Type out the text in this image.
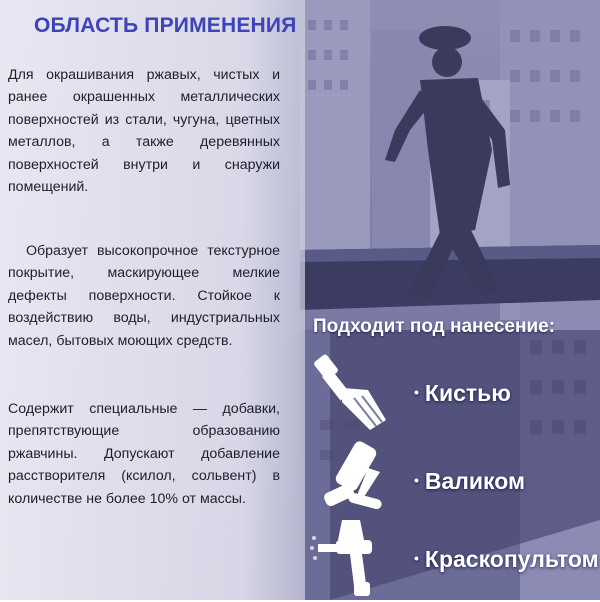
ОБЛАСТЬ ПРИМЕНЕНИЯ

Для окрашивания ржавых, чистых и ранее окрашенных металлических поверхностей из стали, чугуна, цветных металлов, а также деревянных поверхностей внутри и снаружи помещений.

Образует высокопрочное текстурное покрытие, маскирующее мелкие дефекты поверхности. Стойкое к воздействию воды, индустриальных масел, бытовых моющих средств.

Содержит специальные — добавки, препятствующие образованию ржавчины. Допускают добавление расстворителя (ксилол, сольвент) в количестве не более 10% от массы.

Подходит под нанесение:
• Кистью
• Валиком
• Краскопультом
